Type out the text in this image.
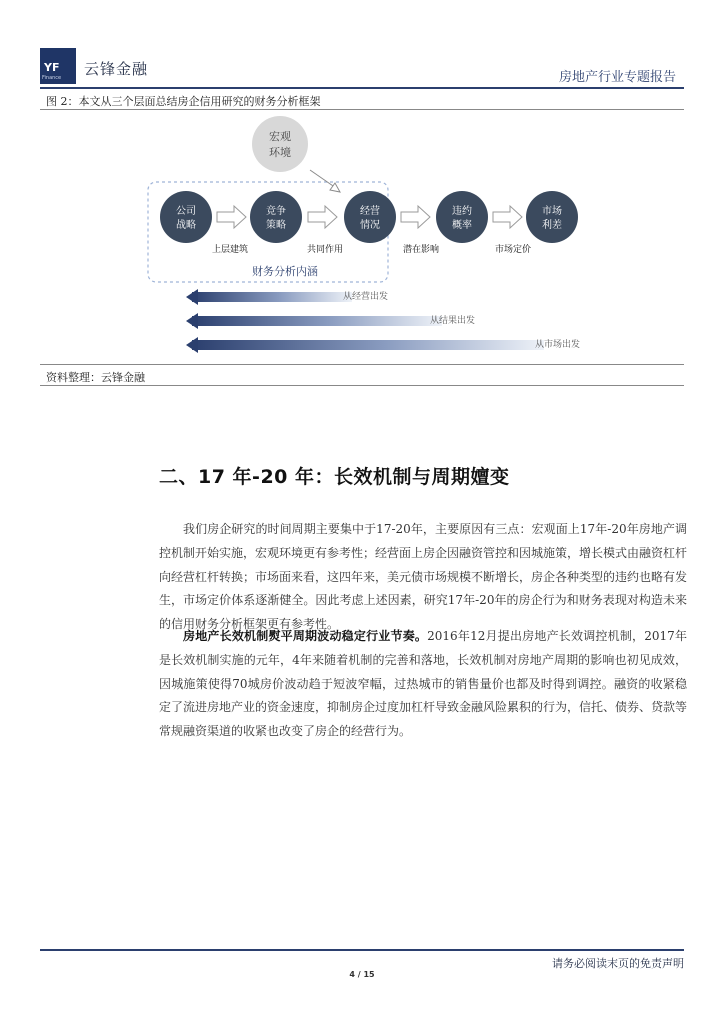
YF
Finance 云锋金融	房地产行业专题报告
图 2：本文从三个层面总结房企信用研究的财务分析框架
宏观
环境
公司
战略
竞争
策略
经营
情况
违约
概率
市场
利差
上层建筑	共同作用	潜在影响	市场定价
财务分析内涵
从经营出发
从结果出发
从市场出发
资料整理：云锋金融
二、17 年-20 年：长效机制与周期嬗变
我们房企研究的时间周期主要集中于17-20年，主要原因有三点：宏观面上17年-20年房地产调控机制开始实施，宏观环境更有参考性；经营面上房企因融资管控和因城施策，增长模式由融资杠杆向经营杠杆转换；市场面来看，这四年来，美元债市场规模不断增长，房企各种类型的违约也略有发生，市场定价体系逐渐健全。因此考虑上述因素，研究17年-20年的房企行为和财务表现对构造未来的信用财务分析框架更有参考性。
房地产长效机制熨平周期波动稳定行业节奏。2016年12月提出房地产长效调控机制，2017年是长效机制实施的元年，4年来随着机制的完善和落地，长效机制对房地产周期的影响也初见成效，因城施策使得70城房价波动趋于短波窄幅，过热城市的销售量价也都及时得到调控。融资的收紧稳定了流进房地产业的资金速度，抑制房企过度加杠杆导致金融风险累积的行为，信托、债券、贷款等常规融资渠道的收紧也改变了房企的经营行为。
请务必阅读末页的免责声明
4 / 15
